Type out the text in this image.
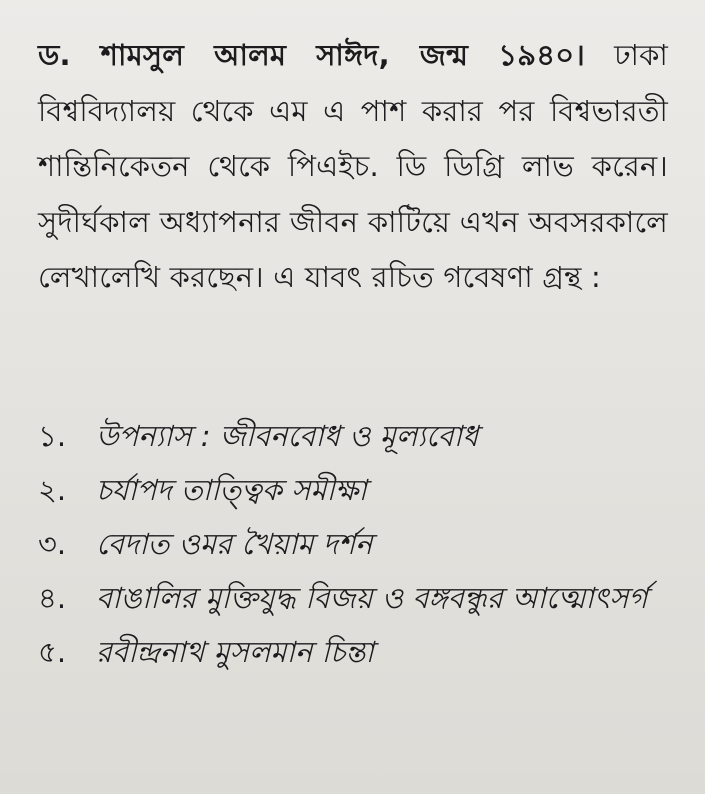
ড. শামসুল আলম সাঈদ, জন্ম ১৯৪০। ঢাকা বিশ্ববিদ্যালয় থেকে এম এ পাশ করার পর বিশ্বভারতী শান্তিনিকেতন থেকে পিএইচ. ডি ডিগ্রি লাভ করেন। সুদীর্ঘকাল অধ্যাপনার জীবন কাটিয়ে এখন অবসরকালে লেখালেখি করছেন। এ যাবৎ রচিত গবেষণা গ্রন্থ :

১.	উপন্যাস : জীবনবোধ ও মূল্যবোধ
২.	চর্যাপদ তাত্ত্বিক সমীক্ষা
৩.	বেদাত ওমর খৈয়াম দর্শন
৪.	বাঙালির মুক্তিযুদ্ধ বিজয় ও বঙ্গবন্ধুর আত্মোৎসর্গ
৫.	রবীন্দ্রনাথ মুসলমান চিন্তা
